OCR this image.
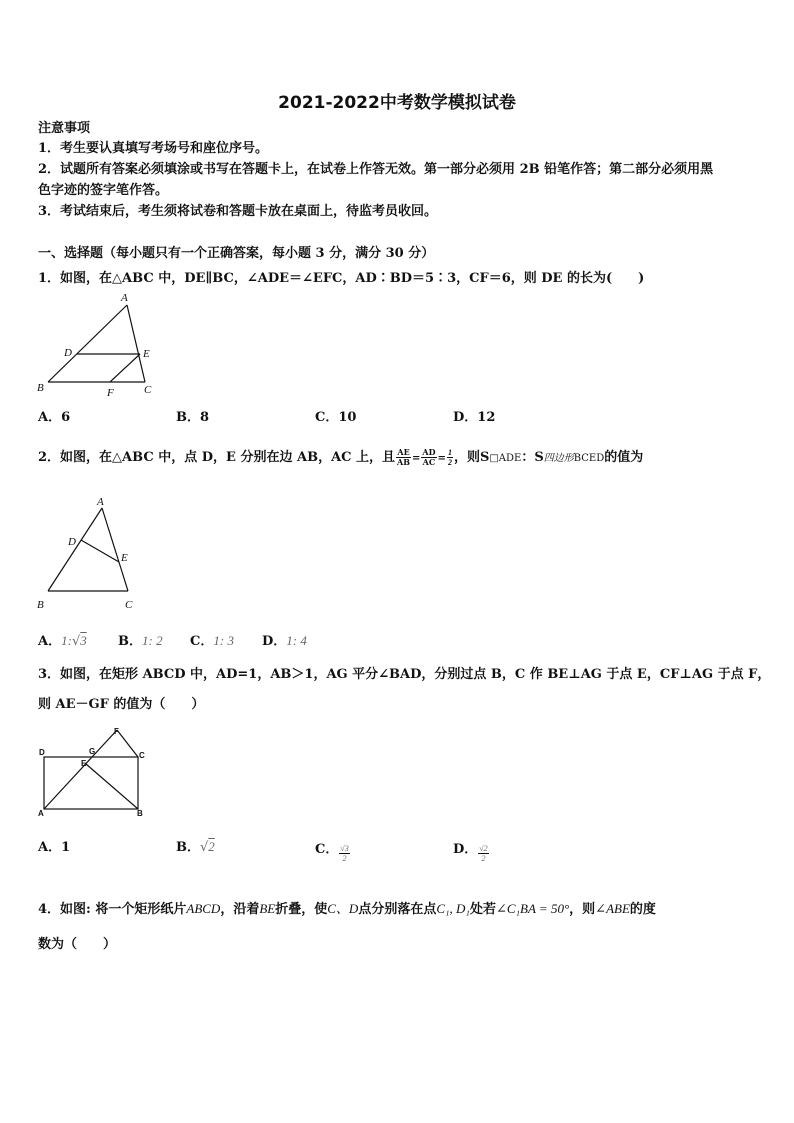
2021-2022中考数学模拟试卷
注意事项
1．考生要认真填写考场号和座位序号。
2．试题所有答案必须填涂或书写在答题卡上，在试卷上作答无效。第一部分必须用 2B 铅笔作答；第二部分必须用黑
色字迹的签字笔作答。
3．考试结束后，考生须将试卷和答题卡放在桌面上，待监考员收回。
一、选择题（每小题只有一个正确答案，每小题 3 分，满分 30 分）
1．如图，在△ABC 中，DE∥BC，∠ADE＝∠EFC，AD∶BD＝5∶3，CF＝6，则 DE 的长为(　　)
A
D	E
B	F	C
A．6	B．8	C．10	D．12
2．如图，在△ABC 中，点 D，E 分别在边 AB，AC 上，且 $\frac{AE}{AB} = \frac{AD}{AC} = \frac{1}{2}$ ，则S□ADE：S四边形BCED的值为
A
D
E
B	C
A．1:√3 B．1: 2 C．1: 3 D．1: 4
3．如图，在矩形 ABCD 中，AD=1，AB＞1，AG 平分∠BAD，分别过点 B，C 作 BE⊥AG 于点 E，CF⊥AG 于点 F，
则 AE－GF 的值为（　　）
D	G
E
F
C
A	B
A．1	B．√2	C． $\frac{√3}{2}$	D． $\frac{√2}{2}$
4．如图: 将一个矩形纸片ABCD，沿着BE折叠，使C、D点分别落在点C₁, D₁处若∠C₁BA = 50°，则∠ABE的度
数为（　　）
